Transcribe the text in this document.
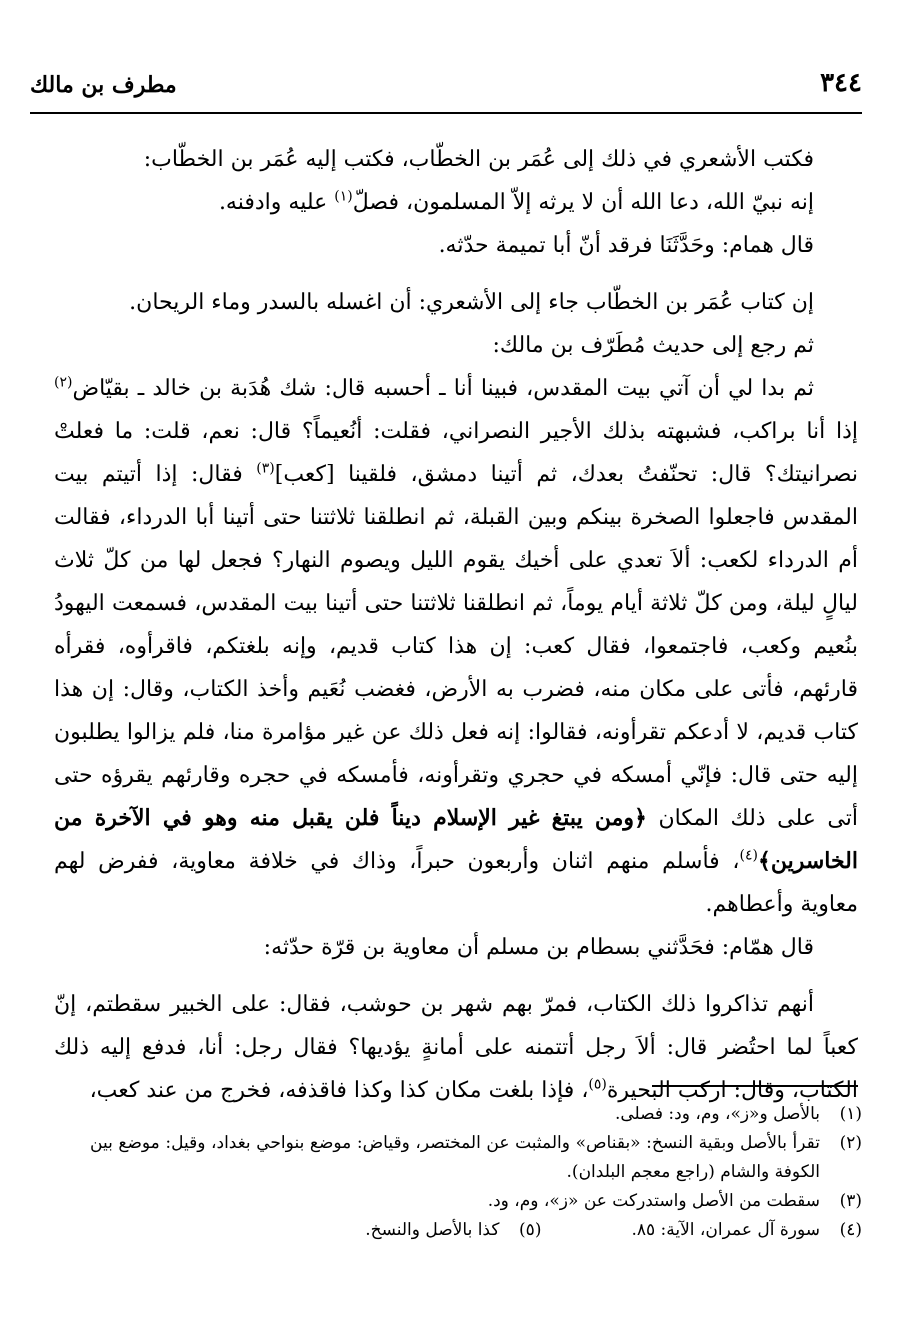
٣٤٤
مطرف بن مالك

فكتب الأشعري في ذلك إلى عُمَر بن الخطّاب، فكتب إليه عُمَر بن الخطّاب:

إنه نبيّ الله، دعا الله أن لا يرثه إلاّ المسلمون، فصلّ$^{(١)}$ عليه وادفنه.

قال همام: وحَدَّثَنَا فرقد أنّ أبا تميمة حدّثه.

إن كتاب عُمَر بن الخطّاب جاء إلى الأشعري: أن اغسله بالسدر وماء الريحان.

ثم رجع إلى حديث مُطَرّف بن مالك:

ثم بدا لي أن آتي بيت المقدس، فبينا أنا ـ أحسبه قال: شك هُدَبة بن خالد ـ بقيّاض$^{(٢)}$ إذا أنا براكب، فشبهته بذلك الأجير النصراني، فقلت: أنُعيماً؟ قال: نعم، قلت: ما فعلتْ نصرانيتك؟ قال: تحنّفتُ بعدك، ثم أتينا دمشق، فلقينا [كعب]$^{(٣)}$ فقال: إذا أتيتم بيت المقدس فاجعلوا الصخرة بينكم وبين القبلة، ثم انطلقنا ثلاثتنا حتى أتينا أبا الدرداء، فقالت أم الدرداء لكعب: ألاَ تعدي على أخيك يقوم الليل ويصوم النهار؟ فجعل لها من كلّ ثلاث ليالٍ ليلة، ومن كلّ ثلاثة أيام يوماً، ثم انطلقنا ثلاثتنا حتى أتينا بيت المقدس، فسمعت اليهودُ بنُعيم وكعب، فاجتمعوا، فقال كعب: إن هذا كتاب قديم، وإنه بلغتكم، فاقرأوه، فقرأه قارئهم، فأتى على مكان منه، فضرب به الأرض، فغضب نُعَيم وأخذ الكتاب، وقال: إن هذا كتاب قديم، لا أدعكم تقرأونه، فقالوا: إنه فعل ذلك عن غير مؤامرة منا، فلم يزالوا يطلبون إليه حتى قال: فإنّي أمسكه في حجري وتقرأونه، فأمسكه في حجره وقارئهم يقرؤه حتى أتى على ذلك المكان ﴿ومن يبتغ غير الإسلام ديناً فلن يقبل منه وهو في الآخرة من الخاسرين﴾$^{(٤)}$، فأسلم منهم اثنان وأربعون حبراً، وذاك في خلافة معاوية، ففرض لهم معاوية وأعطاهم.

قال همّام: فحَدَّثني بسطام بن مسلم أن معاوية بن قرّة حدّثه:

أنهم تذاكروا ذلك الكتاب، فمرّ بهم شهر بن حوشب، فقال: على الخبير سقطتم، إنّ كعباً لما احتُضر قال: ألاَ رجل أتتمنه على أمانةٍ يؤديها؟ فقال رجل: أنا، فدفع إليه ذلك الكتاب، وقال: اركب البحيرة$^{(٥)}$، فإذا بلغت مكان كذا وكذا فاقذفه، فخرج من عند كعب،

(١)
بالأصل و«ز»، وم، ود: فصلى.
(٢)
تقرأ بالأصل وبقية النسخ: «بقناص» والمثبت عن المختصر، وقياض: موضع بنواحي بغداد، وقيل: موضع بين الكوفة والشام (راجع معجم البلدان).
(٣)
سقطت من الأصل واستدركت عن «ز»، وم، ود.
(٤)
سورة آل عمران، الآية: ٨٥.
(٥)
كذا بالأصل والنسخ.
